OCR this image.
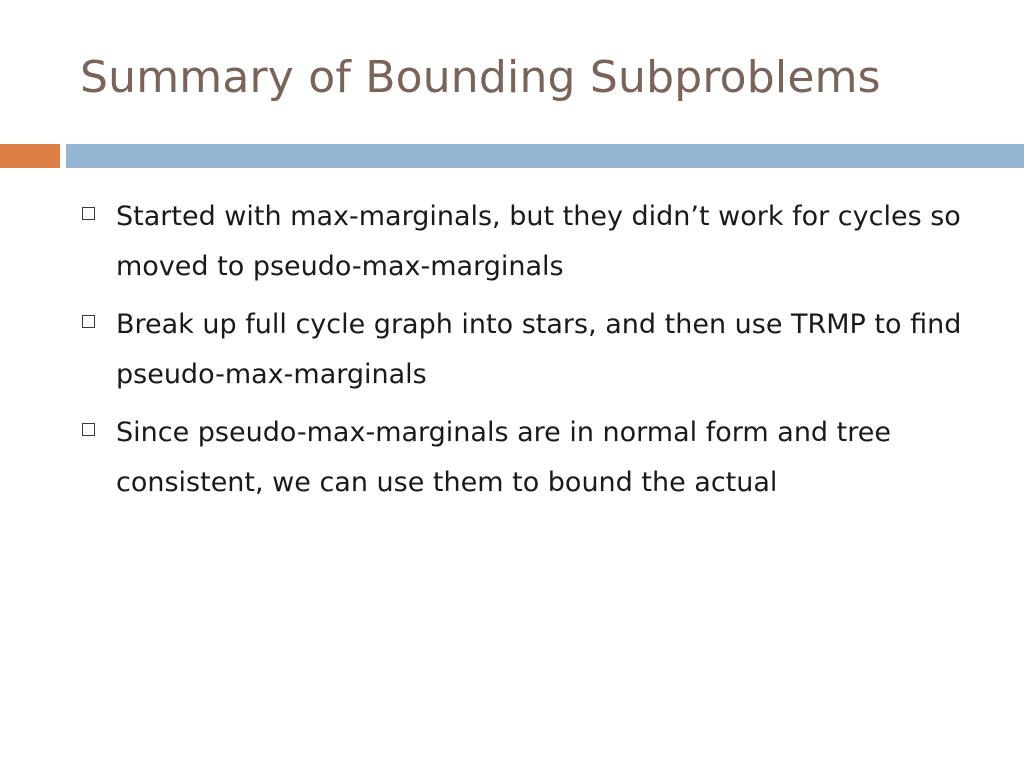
Summary of Bounding Subproblems
Started with max-marginals, but they didn’t work for cycles so moved to pseudo-max-marginals
Break up full cycle graph into stars, and then use TRMP to find pseudo-max-marginals
Since pseudo-max-marginals are in normal form and tree consistent, we can use them to bound the actual
